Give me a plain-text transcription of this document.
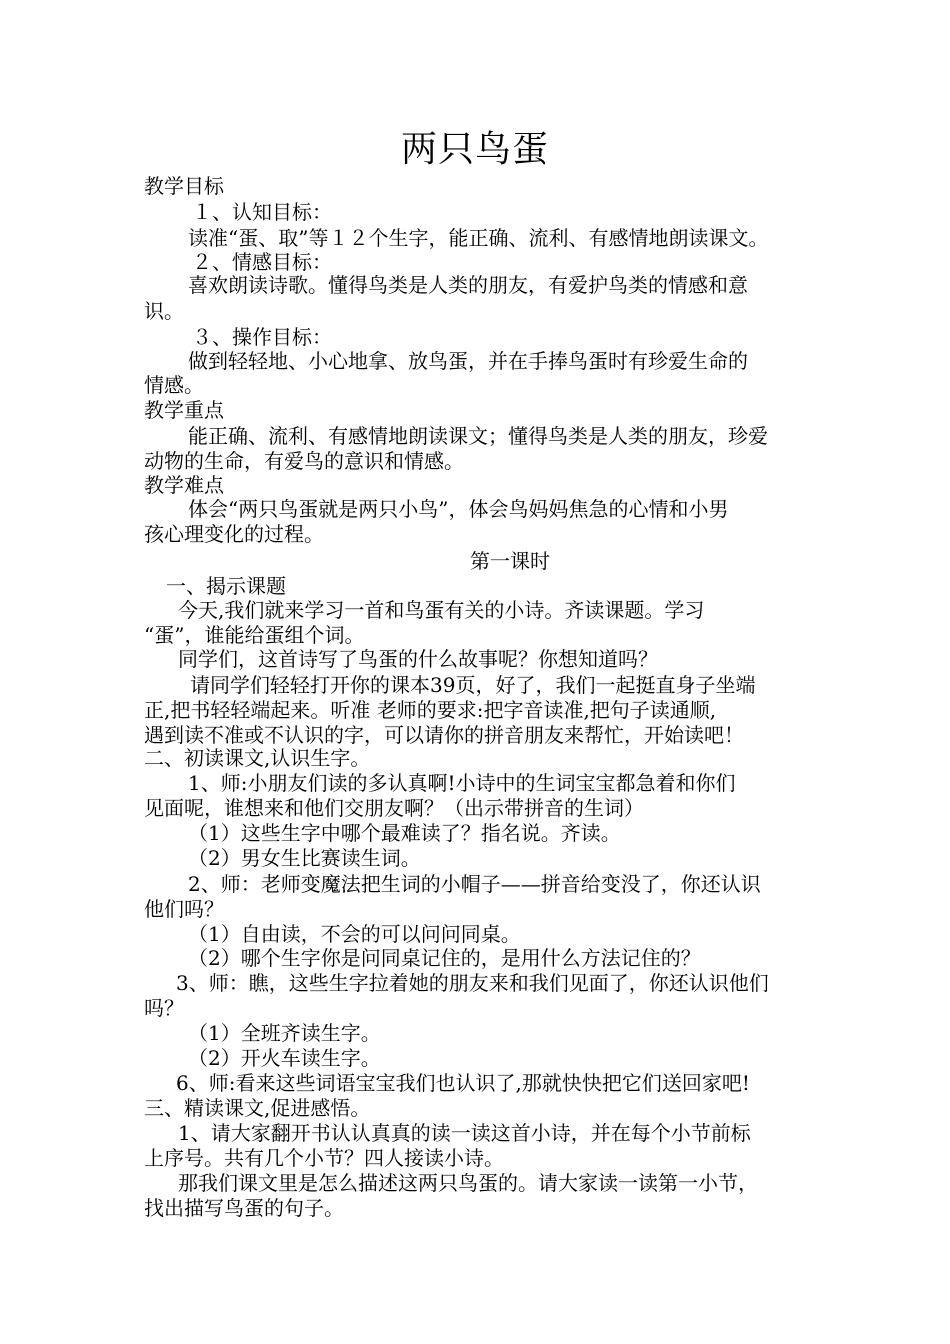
两只鸟蛋
教学目标
１、认知目标：
读准“蛋、取”等１２个生字，能正确、流利、有感情地朗读课文。
２、情感目标：
喜欢朗读诗歌。懂得鸟类是人类的朋友，有爱护鸟类的情感和意
识。
３、操作目标：
做到轻轻地、小心地拿、放鸟蛋，并在手捧鸟蛋时有珍爱生命的
情感。
教学重点
能正确、流利、有感情地朗读课文；懂得鸟类是人类的朋友，珍爱
动物的生命，有爱鸟的意识和情感。
教学难点
体会“两只鸟蛋就是两只小鸟”，体会鸟妈妈焦急的心情和小男
孩心理变化的过程。
第一课时
一、揭示课题
今天,我们就来学习一首和鸟蛋有关的小诗。齐读课题。学习
“蛋”，谁能给蛋组个词。
同学们，这首诗写了鸟蛋的什么故事呢？你想知道吗？
请同学们轻轻打开你的课本39页，好了，我们一起挺直身子坐端
正,把书轻轻端起来。听准 老师的要求:把字音读准,把句子读通顺,
遇到读不准或不认识的字，可以请你的拼音朋友来帮忙，开始读吧！
二、初读课文,认识生字。
1、师:小朋友们读的多认真啊!小诗中的生词宝宝都急着和你们
见面呢，谁想来和他们交朋友啊？（出示带拼音的生词）
（1）这些生字中哪个最难读了？指名说。齐读。
（2）男女生比赛读生词。
2、师：老师变魔法把生词的小帽子——拼音给变没了，你还认识
他们吗？
（1）自由读，不会的可以问问同桌。
（2）哪个生字你是问同桌记住的，是用什么方法记住的？
3、师：瞧，这些生字拉着她的朋友来和我们见面了，你还认识他们
吗？
（1）全班齐读生字。
（2）开火车读生字。
6、师:看来这些词语宝宝我们也认识了,那就快快把它们送回家吧!
三、精读课文,促进感悟。
1、请大家翻开书认认真真的读一读这首小诗，并在每个小节前标
上序号。共有几个小节？四人接读小诗。
那我们课文里是怎么描述这两只鸟蛋的。请大家读一读第一小节，
找出描写鸟蛋的句子。
